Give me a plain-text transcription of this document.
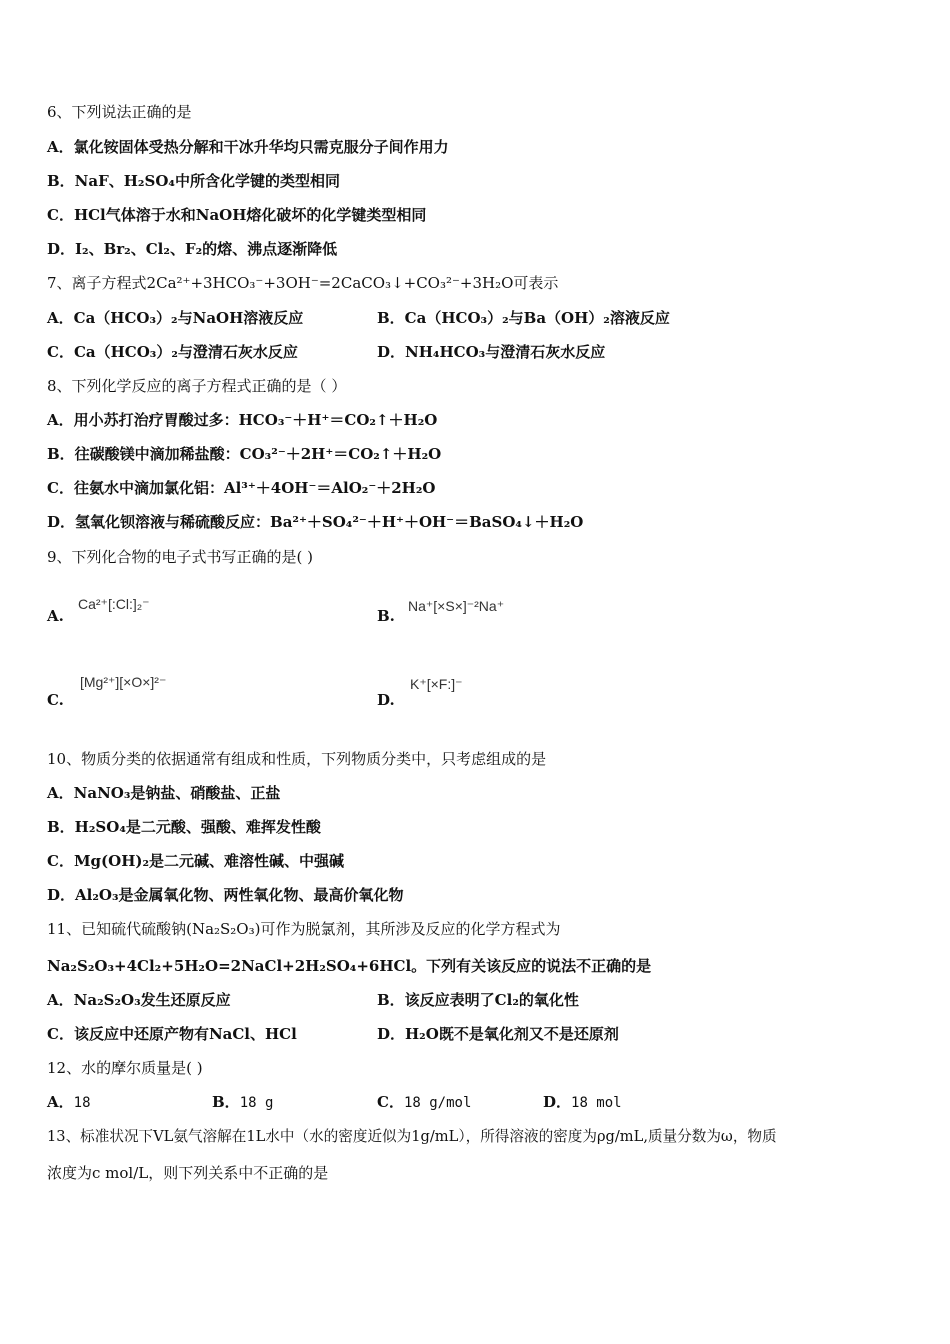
6、下列说法正确的是
A．氯化铵固体受热分解和干冰升华均只需克服分子间作用力
B．NaF、H₂SO₄中所含化学键的类型相同
C．HCl气体溶于水和NaOH熔化破坏的化学键类型相同
D．I₂、Br₂、Cl₂、F₂的熔、沸点逐渐降低
7、离子方程式2Ca²⁺+3HCO₃⁻+3OH⁻=2CaCO₃↓+CO₃²⁻+3H₂O可表示
A．Ca（HCO₃）₂与NaOH溶液反应	B．Ca（HCO₃）₂与Ba（OH）₂溶液反应
C．Ca（HCO₃）₂与澄清石灰水反应	D．NH₄HCO₃与澄清石灰水反应
8、下列化学反应的离子方程式正确的是（ ）
A．用小苏打治疗胃酸过多：HCO₃⁻＋H⁺＝CO₂↑＋H₂O
B．往碳酸镁中滴加稀盐酸：CO₃²⁻＋2H⁺＝CO₂↑＋H₂O
C．往氨水中滴加氯化铝：Al³⁺＋4OH⁻＝AlO₂⁻＋2H₂O
D．氢氧化钡溶液与稀硫酸反应：Ba²⁺＋SO₄²⁻＋H⁺＋OH⁻＝BaSO₄↓＋H₂O
9、下列化合物的电子式书写正确的是( )
A.
Ca²⁺[:Cl:]₂⁻
B.
Na⁺[×S×]⁻²Na⁺
C.
[Mg²⁺][×O×]²⁻
D.
K⁺[×F:]⁻
10、物质分类的依据通常有组成和性质，下列物质分类中，只考虑组成的是
A．NaNO₃是钠盐、硝酸盐、正盐
B．H₂SO₄是二元酸、强酸、难挥发性酸
C．Mg(OH)₂是二元碱、难溶性碱、中强碱
D．Al₂O₃是金属氧化物、两性氧化物、最高价氧化物
11、已知硫代硫酸钠(Na₂S₂O₃)可作为脱氯剂，其所涉及反应的化学方程式为
Na₂S₂O₃+4Cl₂+5H₂O=2NaCl+2H₂SO₄+6HCl。下列有关该反应的说法不正确的是
A．Na₂S₂O₃发生还原反应	B．该反应表明了Cl₂的氧化性
C．该反应中还原产物有NaCl、HCl	D．H₂O既不是氧化剂又不是还原剂
12、水的摩尔质量是( )
A．18	B．18 g	C．18 g/mol	D．18 mol
13、标准状况下VL氨气溶解在1L水中（水的密度近似为1g/mL），所得溶液的密度为ρg/mL,质量分数为ω，物质
浓度为c mol/L，则下列关系中不正确的是
